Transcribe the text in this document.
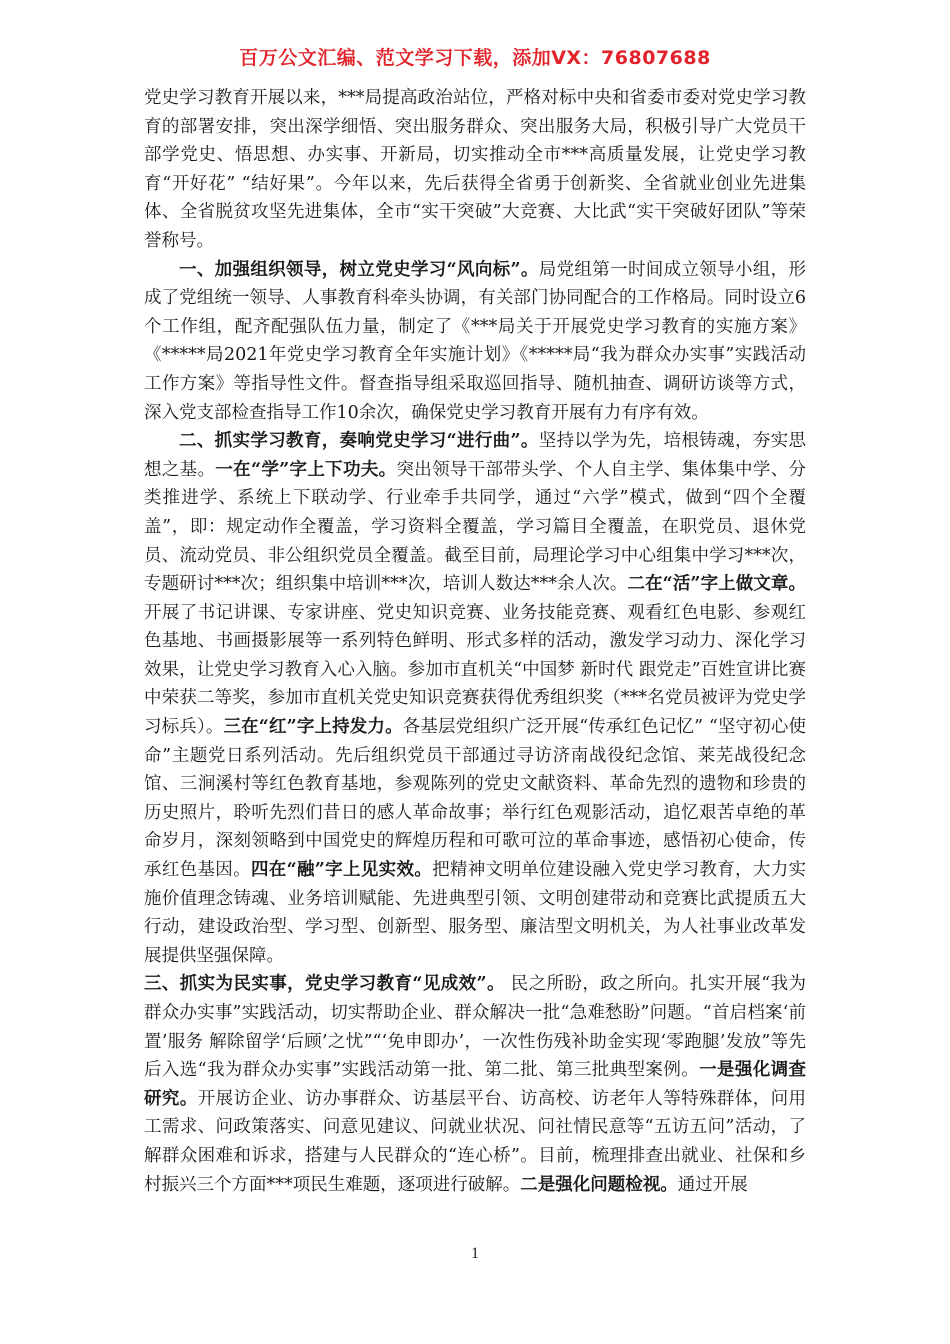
百万公文汇编、范文学习下载，添加VX：76807688

党史学习教育开展以来，***局提高政治站位，严格对标中央和省委市委对党史学习教育的部署安排，突出深学细悟、突出服务群众、突出服务大局，积极引导广大党员干部学党史、悟思想、办实事、开新局，切实推动全市***高质量发展，让党史学习教育“开好花” “结好果”。今年以来，先后获得全省勇于创新奖、全省就业创业先进集体、全省脱贫攻坚先进集体，全市“实干突破”大竞赛、大比武“实干突破好团队”等荣誉称号。

一、加强组织领导，树立党史学习“风向标”。局党组第一时间成立领导小组，形成了党组统一领导、人事教育科牵头协调，有关部门协同配合的工作格局。同时设立6个工作组，配齐配强队伍力量，制定了《***局关于开展党史学习教育的实施方案》《*****局2021年党史学习教育全年实施计划》《*****局“我为群众办实事”实践活动工作方案》等指导性文件。督查指导组采取巡回指导、随机抽查、调研访谈等方式，深入党支部检查指导工作10余次，确保党史学习教育开展有力有序有效。

二、抓实学习教育，奏响党史学习“进行曲”。坚持以学为先，培根铸魂，夯实思想之基。一在“学”字上下功夫。突出领导干部带头学、个人自主学、集体集中学、分类推进学、系统上下联动学、行业牵手共同学，通过“六学”模式，做到“四个全覆盖”，即：规定动作全覆盖，学习资料全覆盖，学习篇目全覆盖，在职党员、退休党员、流动党员、非公组织党员全覆盖。截至目前，局理论学习中心组集中学习***次，专题研讨***次；组织集中培训***次，培训人数达***余人次。二在“活”字上做文章。开展了书记讲课、专家讲座、党史知识竞赛、业务技能竞赛、观看红色电影、参观红色基地、书画摄影展等一系列特色鲜明、形式多样的活动，激发学习动力、深化学习效果，让党史学习教育入心入脑。参加市直机关“中国梦 新时代 跟党走”百姓宣讲比赛中荣获二等奖，参加市直机关党史知识竞赛获得优秀组织奖（***名党员被评为党史学习标兵）。三在“红”字上持发力。各基层党组织广泛开展“传承红色记忆” “坚守初心使命”主题党日系列活动。先后组织党员干部通过寻访济南战役纪念馆、莱芜战役纪念馆、三涧溪村等红色教育基地，参观陈列的党史文献资料、革命先烈的遗物和珍贵的历史照片，聆听先烈们昔日的感人革命故事；举行红色观影活动，追忆艰苦卓绝的革命岁月，深刻领略到中国党史的辉煌历程和可歌可泣的革命事迹，感悟初心使命，传承红色基因。四在“融”字上见实效。把精神文明单位建设融入党史学习教育，大力实施价值理念铸魂、业务培训赋能、先进典型引领、文明创建带动和竞赛比武提质五大行动，建设政治型、学习型、创新型、服务型、廉洁型文明机关，为人社事业改革发展提供坚强保障。

三、抓实为民实事，党史学习教育“见成效”。 民之所盼，政之所向。扎实开展“我为群众办实事”实践活动，切实帮助企业、群众解决一批“急难愁盼”问题。“首启档案‘前置’服务 解除留学‘后顾’之忧”“‘免申即办’，一次性伤残补助金实现‘零跑腿’发放”等先后入选“我为群众办实事”实践活动第一批、第二批、第三批典型案例。一是强化调查研究。开展访企业、访办事群众、访基层平台、访高校、访老年人等特殊群体，问用工需求、问政策落实、问意见建议、问就业状况、问社情民意等“五访五问”活动，了解群众困难和诉求，搭建与人民群众的“连心桥”。目前，梳理排查出就业、社保和乡村振兴三个方面***项民生难题，逐项进行破解。二是强化问题检视。通过开展

1
